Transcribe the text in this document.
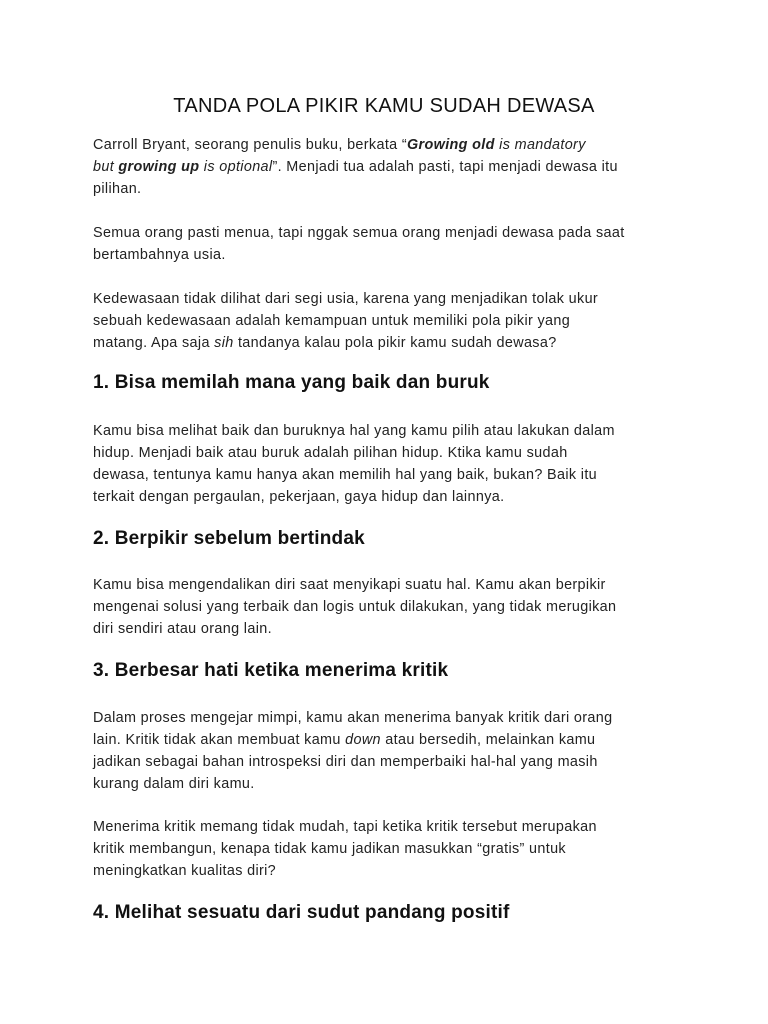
TANDA POLA PIKIR KAMU SUDAH DEWASA

Carroll Bryant, seorang penulis buku, berkata “Growing old is mandatory
but growing up is optional”. Menjadi tua adalah pasti, tapi menjadi dewasa itu
pilihan.

Semua orang pasti menua, tapi nggak semua orang menjadi dewasa pada saat
bertambahnya usia.

Kedewasaan tidak dilihat dari segi usia, karena yang menjadikan tolak ukur
sebuah kedewasaan adalah kemampuan untuk memiliki pola pikir yang
matang. Apa saja sih tandanya kalau pola pikir kamu sudah dewasa?

1. Bisa memilah mana yang baik dan buruk

Kamu bisa melihat baik dan buruknya hal yang kamu pilih atau lakukan dalam
hidup. Menjadi baik atau buruk adalah pilihan hidup. Ktika kamu sudah
dewasa, tentunya kamu hanya akan memilih hal yang baik, bukan? Baik itu
terkait dengan pergaulan, pekerjaan, gaya hidup dan lainnya.

2. Berpikir sebelum bertindak

Kamu bisa mengendalikan diri saat menyikapi suatu hal. Kamu akan berpikir
mengenai solusi yang terbaik dan logis untuk dilakukan, yang tidak merugikan
diri sendiri atau orang lain.

3. Berbesar hati ketika menerima kritik

Dalam proses mengejar mimpi, kamu akan menerima banyak kritik dari orang
lain. Kritik tidak akan membuat kamu down atau bersedih, melainkan kamu
jadikan sebagai bahan introspeksi diri dan memperbaiki hal-hal yang masih
kurang dalam diri kamu.

Menerima kritik memang tidak mudah, tapi ketika kritik tersebut merupakan
kritik membangun, kenapa tidak kamu jadikan masukkan “gratis” untuk
meningkatkan kualitas diri?

4. Melihat sesuatu dari sudut pandang positif
